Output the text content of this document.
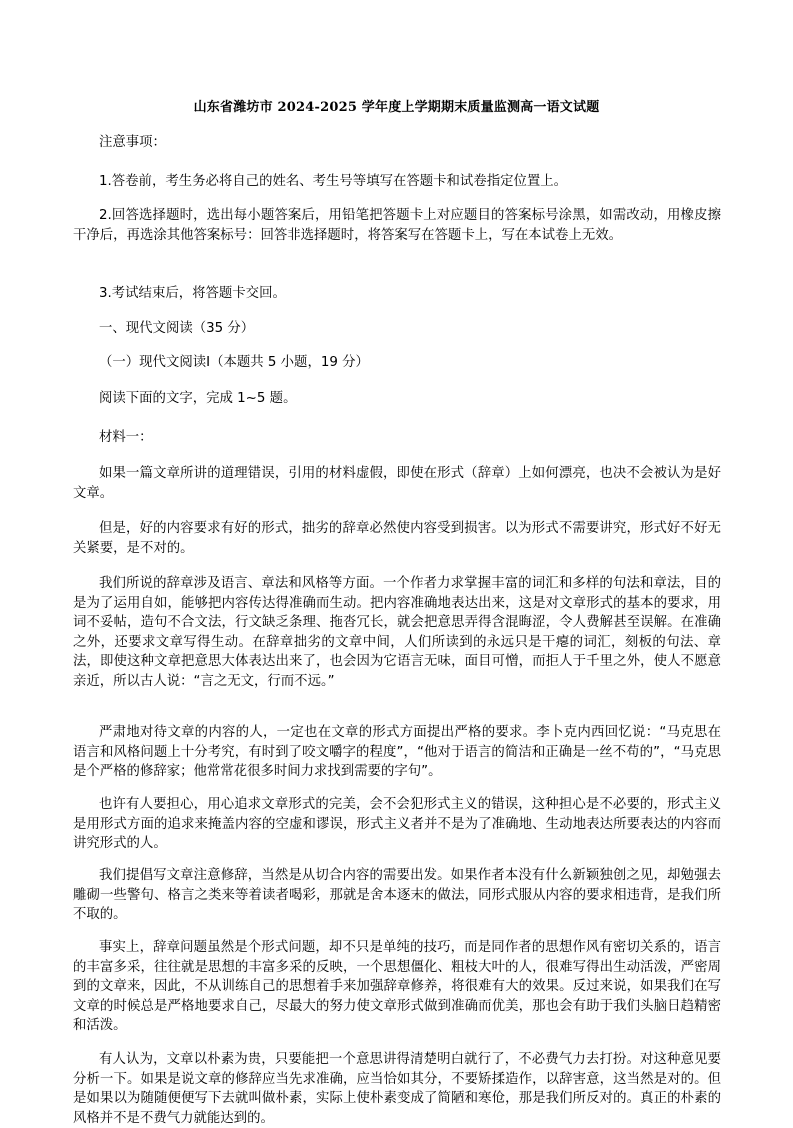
山东省潍坊市 2024-2025 学年度上学期期末质量监测高一语文试题
注意事项：
1.答卷前，考生务必将自己的姓名、考生号等填写在答题卡和试卷指定位置上。
2.回答选择题时，选出每小题答案后，用铅笔把答题卡上对应题目的答案标号涂黑，如需改动，用橡皮擦干净后，再选涂其他答案标号：回答非选择题时，将答案写在答题卡上，写在本试卷上无效。
3.考试结束后，将答题卡交回。
一、现代文阅读（35 分）
（一）现代文阅读Ⅰ（本题共 5 小题，19 分）
阅读下面的文字，完成 1~5 题。
材料一：
如果一篇文章所讲的道理错误，引用的材料虚假，即使在形式（辞章）上如何漂亮，也决不会被认为是好文章。
但是，好的内容要求有好的形式，拙劣的辞章必然使内容受到损害。以为形式不需要讲究，形式好不好无关紧要，是不对的。
我们所说的辞章涉及语言、章法和风格等方面。一个作者力求掌握丰富的词汇和多样的句法和章法，目的是为了运用自如，能够把内容传达得准确而生动。把内容准确地表达出来，这是对文章形式的基本的要求，用词不妥帖，造句不合文法，行文缺乏条理、拖沓冗长，就会把意思弄得含混晦涩，令人费解甚至误解。在准确之外，还要求文章写得生动。在辞章拙劣的文章中间，人们所读到的永远只是干瘪的词汇，刻板的句法、章法，即使这种文章把意思大体表达出来了，也会因为它语言无味，面目可憎，而拒人于千里之外，使人不愿意亲近，所以古人说：“言之无文，行而不远。”
严肃地对待文章的内容的人，一定也在文章的形式方面提出严格的要求。李卜克内西回忆说：“马克思在语言和风格问题上十分考究，有时到了咬文嚼字的程度”，“他对于语言的简洁和正确是一丝不苟的”，“马克思是个严格的修辞家；他常常花很多时间力求找到需要的字句”。
也许有人要担心，用心追求文章形式的完美，会不会犯形式主义的错误，这种担心是不必要的，形式主义是用形式方面的追求来掩盖内容的空虚和谬误，形式主义者并不是为了准确地、生动地表达所要表达的内容而讲究形式的人。
我们提倡写文章注意修辞，当然是从切合内容的需要出发。如果作者本没有什么新颖独创之见，却勉强去雕砌一些警句、格言之类来等着读者喝彩，那就是舍本逐末的做法，同形式服从内容的要求相违背，是我们所不取的。
事实上，辞章问题虽然是个形式问题，却不只是单纯的技巧，而是同作者的思想作风有密切关系的，语言的丰富多采，往往就是思想的丰富多采的反映，一个思想僵化、粗枝大叶的人，很难写得出生动活泼，严密周到的文章来，因此，不从训练自己的思想着手来加强辞章修养，将很难有大的效果。反过来说，如果我们在写文章的时候总是严格地要求自己，尽最大的努力使文章形式做到准确而优美，那也会有助于我们头脑日趋精密和活泼。
有人认为，文章以朴素为贵，只要能把一个意思讲得清楚明白就行了，不必费气力去打扮。对这种意见要分析一下。如果是说文章的修辞应当先求准确，应当恰如其分，不要矫揉造作，以辞害意，这当然是对的。但是如果以为随随便便写下去就叫做朴素，实际上使朴素变成了简陋和寒伧，那是我们所反对的。真正的朴素的风格并不是不费气力就能达到的。
